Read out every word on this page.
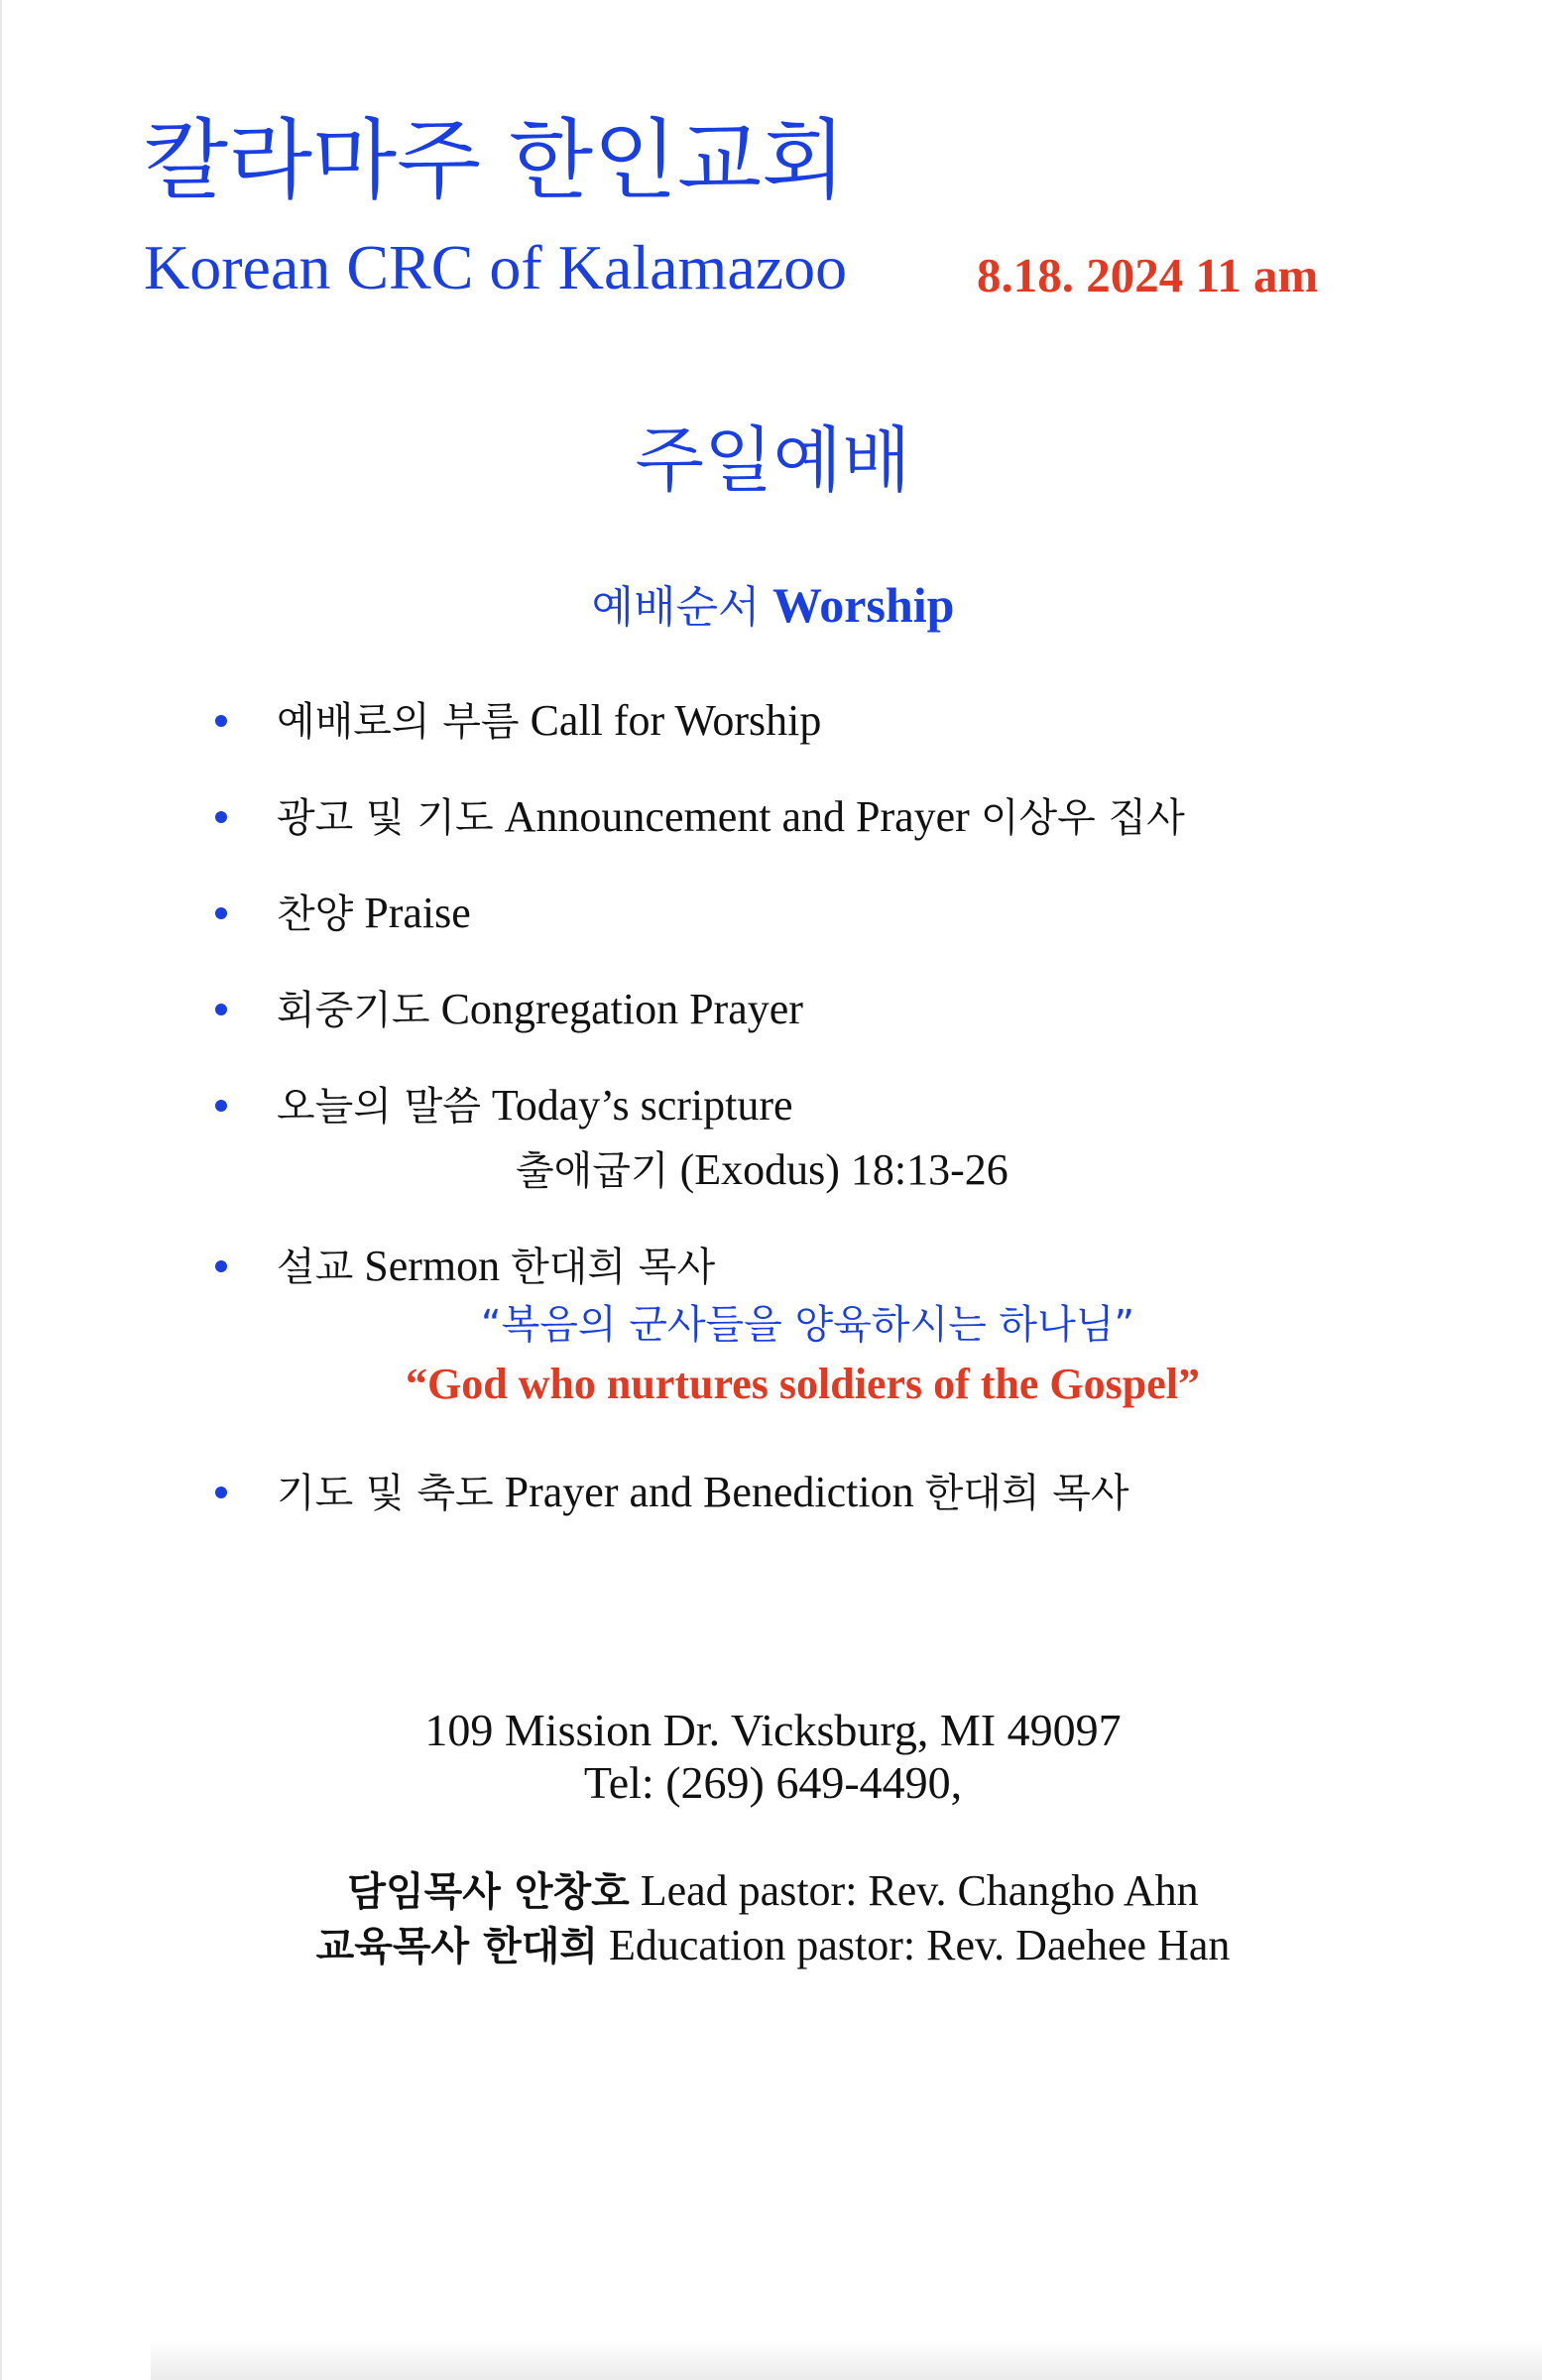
칼라마주 한인교회
Korean CRC of Kalamazoo	8.18. 2024 11 am
주일예배
예배순서 Worship
예배로의 부름 Call for Worship
광고 및 기도 Announcement and Prayer 이상우 집사
찬양 Praise
회중기도 Congregation Prayer
오늘의 말씀 Today’s scripture
출애굽기 (Exodus) 18:13-26
설교 Sermon 한대희 목사
“복음의 군사들을 양육하시는 하나님”
“God who nurtures soldiers of the Gospel”
기도 및 축도 Prayer and Benediction 한대희 목사
109 Mission Dr. Vicksburg, MI 49097
Tel: (269) 649-4490,
담임목사 안창호 Lead pastor: Rev. Changho Ahn
교육목사 한대희 Education pastor: Rev. Daehee Han
